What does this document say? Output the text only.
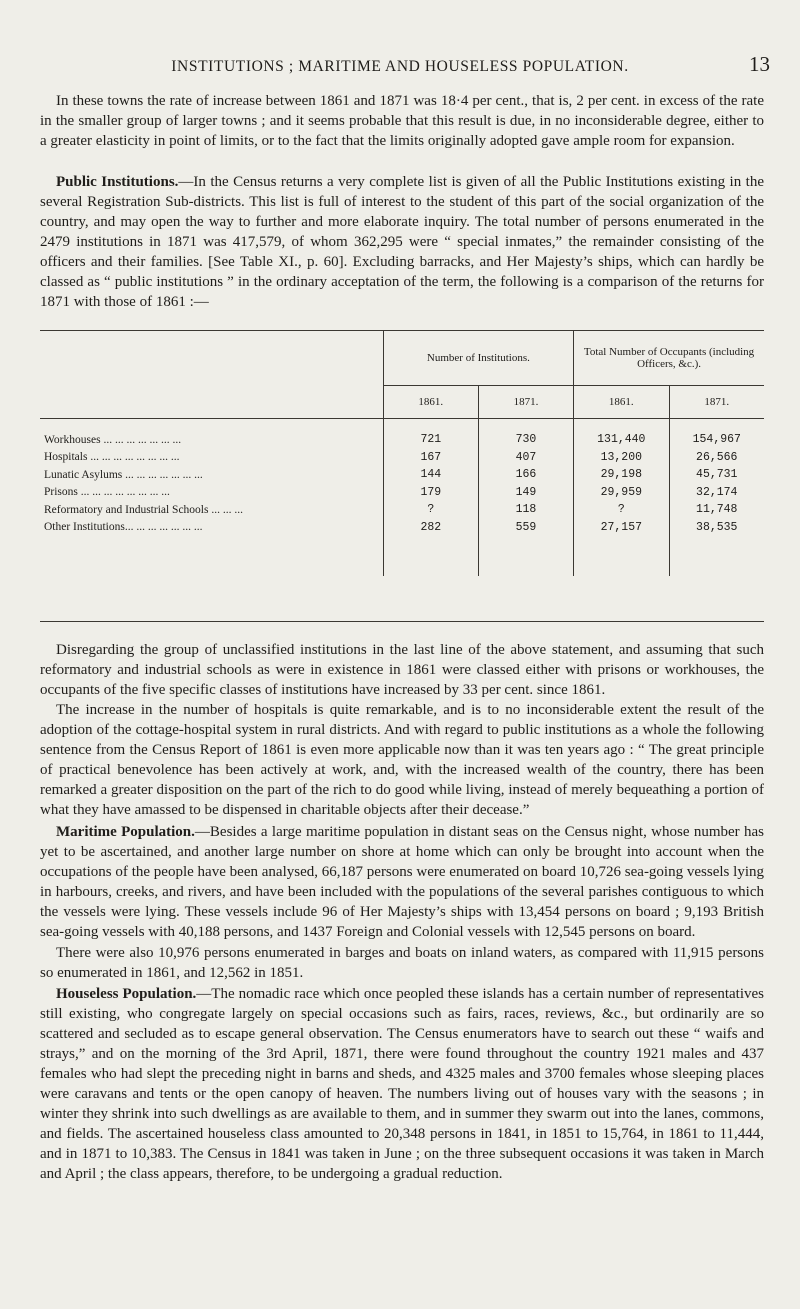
INSTITUTIONS ; MARITIME AND HOUSELESS POPULATION.	13

In these towns the rate of increase between 1861 and 1871 was 18·4 per cent., that is, 2 per cent. in excess of the rate in the smaller group of larger towns ; and it seems probable that this result is due, in no inconsiderable degree, either to a greater elasticity in point of limits, or to the fact that the limits originally adopted gave ample room for expansion.

Public Institutions.—In the Census returns a very complete list is given of all the Public Institutions existing in the several Registration Sub-districts. This list is full of interest to the student of this part of the social organization of the country, and may open the way to further and more elaborate inquiry. The total number of persons enumerated in the 2479 institutions in 1871 was 417,579, of whom 362,295 were “ special inmates,” the remainder consisting of the officers and their families. [See Table XI., p. 60]. Excluding barracks, and Her Majesty’s ships, which can hardly be classed as “ public institutions ” in the ordinary acceptation of the term, the following is a comparison of the returns for 1871 with those of 1861 :—

	Number of Institutions.		Total Number of Occupants (including Officers, &c.).	
	1861.	1871.	1861.	1871.

Workhouses ... ... ... ... ... ... ...	721	730	131,440	154,967
Hospitals ... ... ... ... ... ... ... ...	167	407	13,200	26,566
Lunatic Asylums ... ... ... ... ... ... ...	144	166	29,198	45,731
Prisons ... ... ... ... ... ... ... ...	179	149	29,959	32,174
Reformatory and Industrial Schools ... ... ...	?	118	?	11,748
Other Institutions... ... ... ... ... ... ...	282	559	27,157	38,535

Disregarding the group of unclassified institutions in the last line of the above statement, and assuming that such reformatory and industrial schools as were in existence in 1861 were classed either with prisons or workhouses, the occupants of the five specific classes of institutions have increased by 33 per cent. since 1861.

The increase in the number of hospitals is quite remarkable, and is to no inconsiderable extent the result of the adoption of the cottage-hospital system in rural districts. And with regard to public institutions as a whole the following sentence from the Census Report of 1861 is even more applicable now than it was ten years ago : “ The great principle of practical benevolence has been actively at work, and, with the increased wealth of the country, there has been remarked a greater disposition on the part of the rich to do good while living, instead of merely bequeathing a portion of what they have amassed to be dispensed in charitable objects after their decease.”

Maritime Population.—Besides a large maritime population in distant seas on the Census night, whose number has yet to be ascertained, and another large number on shore at home which can only be brought into account when the occupations of the people have been analysed, 66,187 persons were enumerated on board 10,726 sea-going vessels lying in harbours, creeks, and rivers, and have been included with the populations of the several parishes contiguous to which the vessels were lying. These vessels include 96 of Her Majesty’s ships with 13,454 persons on board ; 9,193 British sea-going vessels with 40,188 persons, and 1437 Foreign and Colonial vessels with 12,545 persons on board.

There were also 10,976 persons enumerated in barges and boats on inland waters, as compared with 11,915 persons so enumerated in 1861, and 12,562 in 1851.

Houseless Population.—The nomadic race which once peopled these islands has a certain number of representatives still existing, who congregate largely on special occasions such as fairs, races, reviews, &c., but ordinarily are so scattered and secluded as to escape general observation. The Census enumerators have to search out these “ waifs and strays,” and on the morning of the 3rd April, 1871, there were found throughout the country 1921 males and 437 females who had slept the preceding night in barns and sheds, and 4325 males and 3700 females whose sleeping places were caravans and tents or the open canopy of heaven. The numbers living out of houses vary with the seasons ; in winter they shrink into such dwellings as are available to them, and in summer they swarm out into the lanes, commons, and fields. The ascertained houseless class amounted to 20,348 persons in 1841, in 1851 to 15,764, in 1861 to 11,444, and in 1871 to 10,383. The Census in 1841 was taken in June ; on the three subsequent occasions it was taken in March and April ; the class appears, therefore, to be undergoing a gradual reduction.
